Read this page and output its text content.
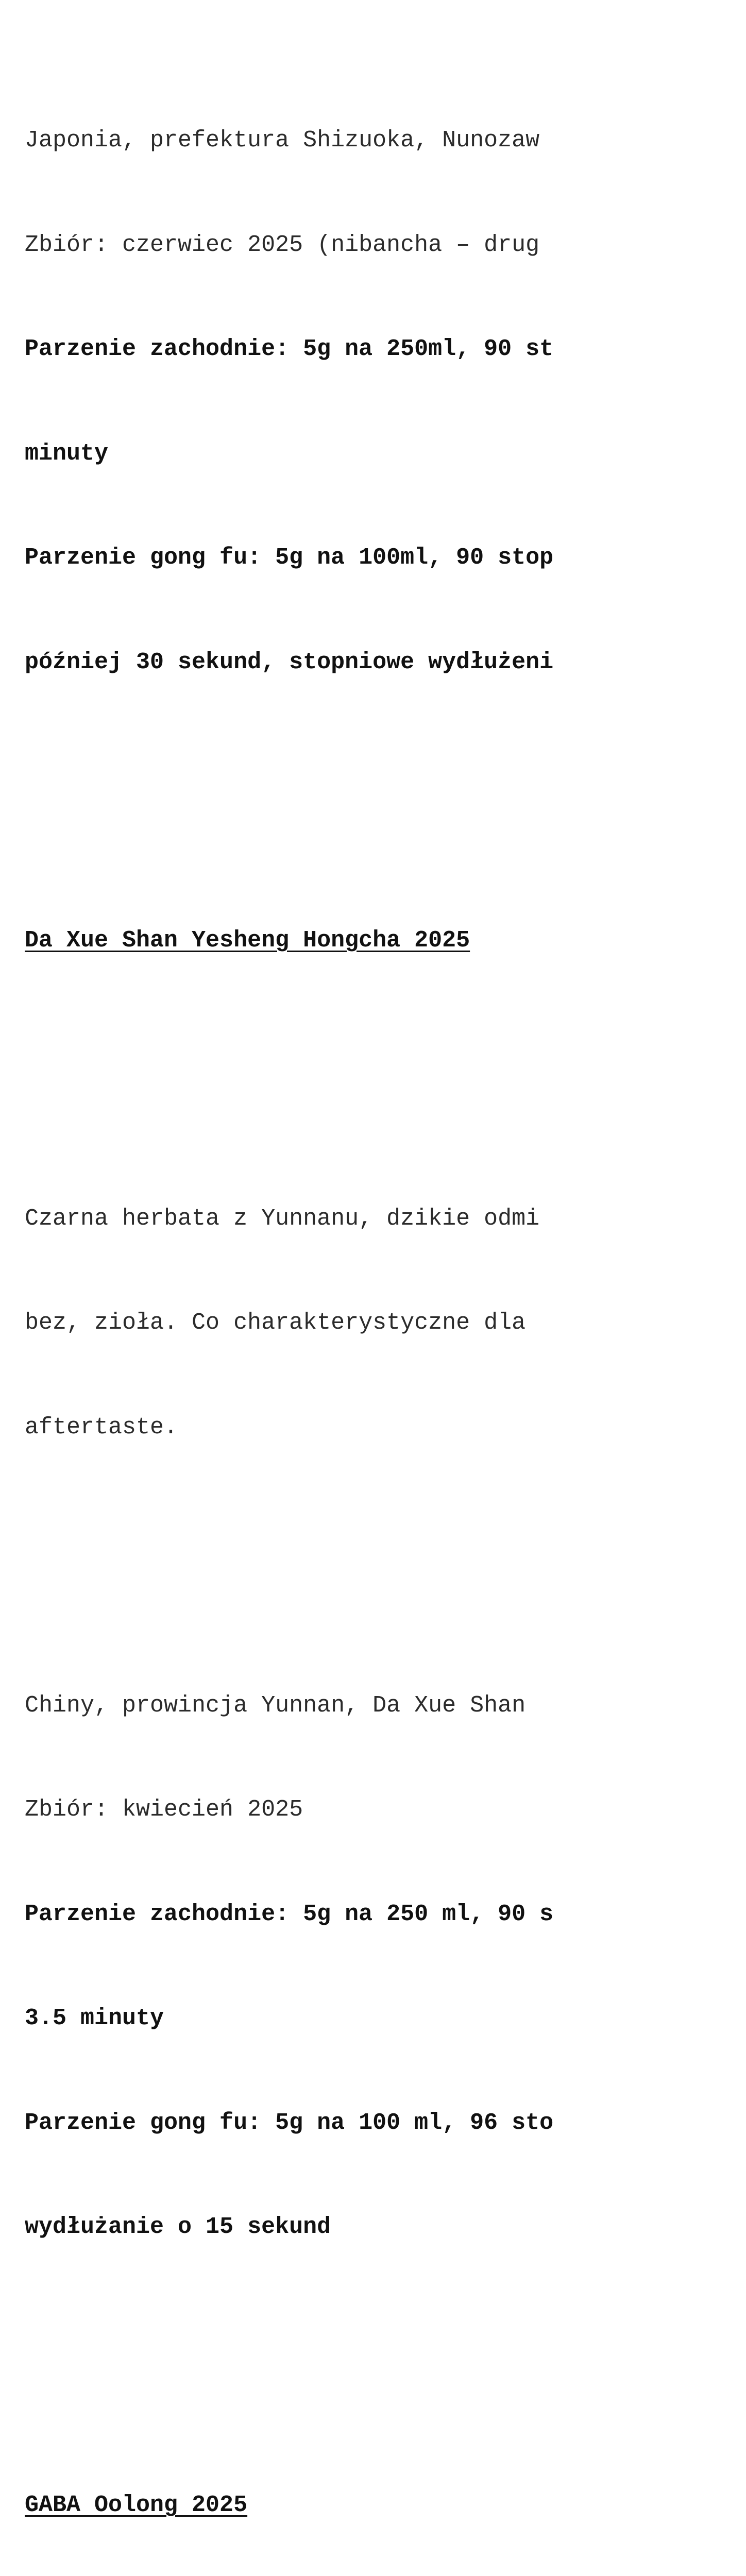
Japonia, prefektura Shizuoka, Nunozaw

Zbiór: czerwiec 2025 (nibancha – drug

Parzenie zachodnie: 5g na 250ml, 90 st

minuty

Parzenie gong fu: 5g na 100ml, 90 stop

później 30 sekund, stopniowe wydłużeni

Da Xue Shan Yesheng Hongcha 2025

Czarna herbata z Yunnanu, dzikie odmi

bez, zioła. Co charakterystyczne dla

aftertaste.

Chiny, prowincja Yunnan, Da Xue Shan

Zbiór: kwiecień 2025

Parzenie zachodnie: 5g na 250 ml, 90 s

3.5 minuty

Parzenie gong fu: 5g na 100 ml, 96 sto

wydłużanie o 15 sekund

GABA Oolong 2025
